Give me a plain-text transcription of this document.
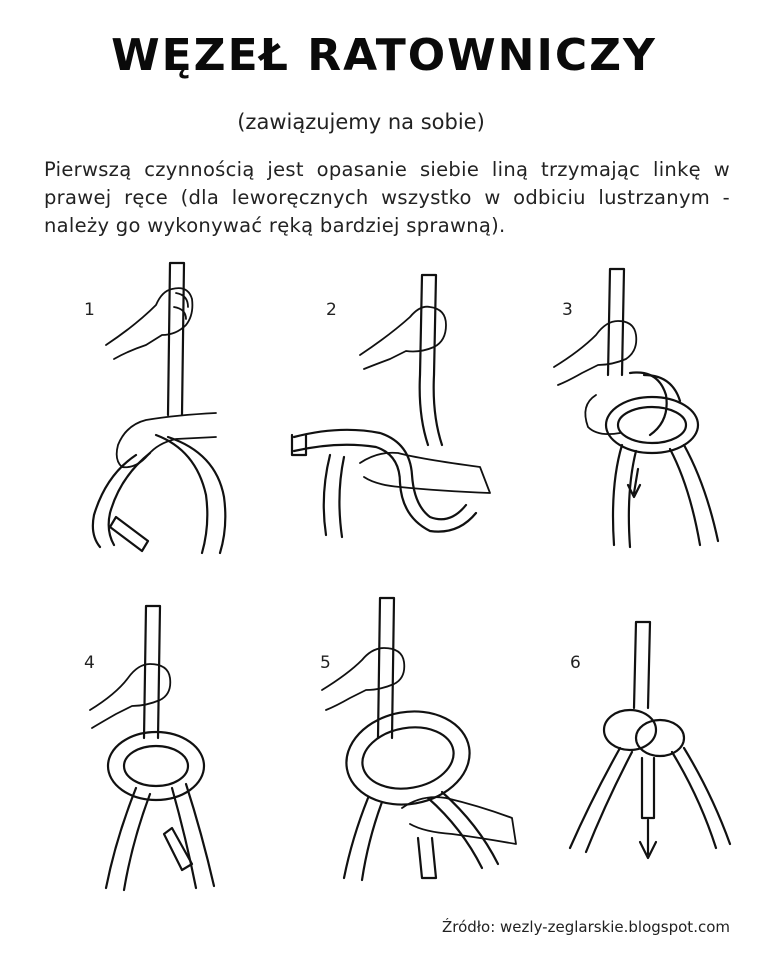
WĘZEŁ RATOWNICZY
(zawiązujemy na sobie)
Pierwszą czynnością jest opasanie siebie liną trzymając linkę w prawej ręce (dla leworęcznych wszystko w odbiciu lustrzanym - należy go wykonywać ręką bardziej sprawną).
1	2	3
4	5	6
Źródło: wezly-zeglarskie.blogspot.com
